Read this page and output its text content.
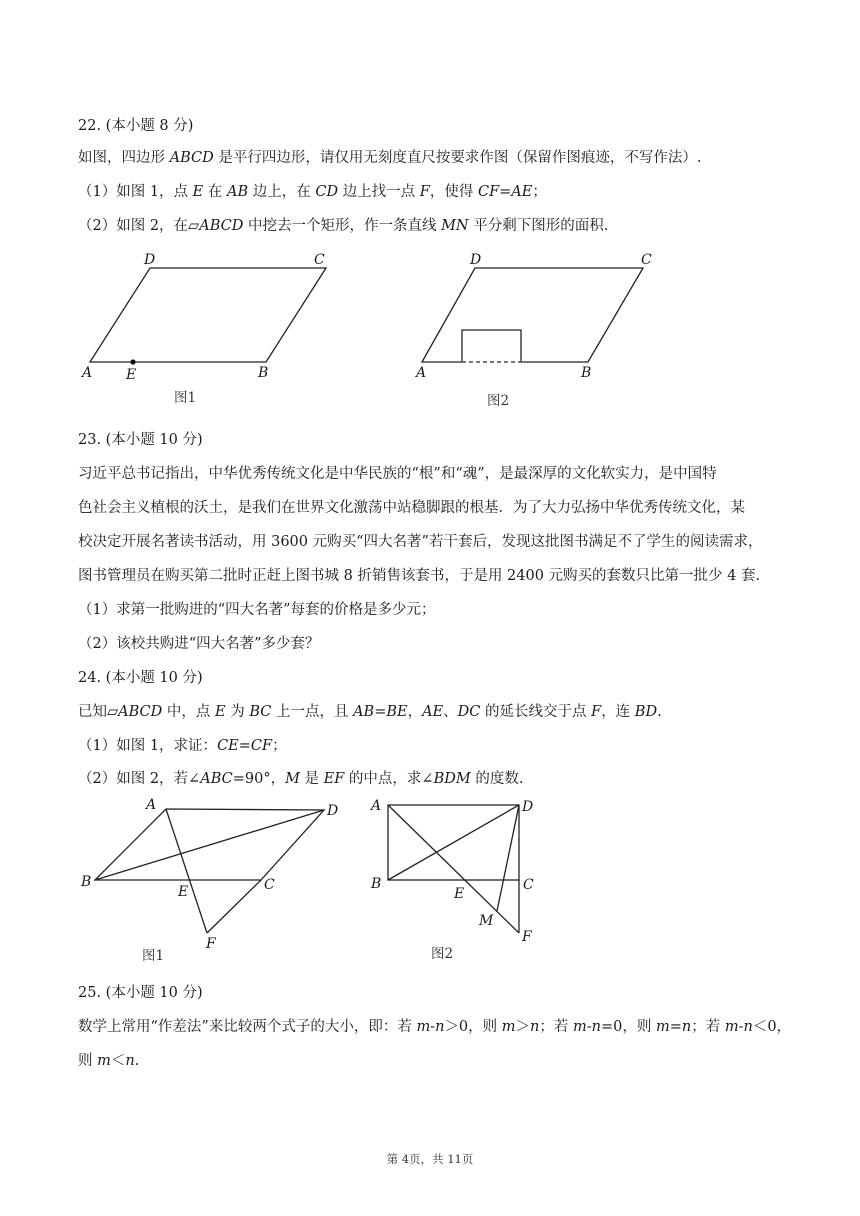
22. (本小题 8 分)
如图，四边形 ABCD 是平行四边形，请仅用无刻度直尺按要求作图（保留作图痕迹，不写作法）.
（1）如图 1，点 E 在 AB 边上，在 CD 边上找一点 F，使得 CF=AE；
（2）如图 2，在▱ABCD 中挖去一个矩形，作一条直线 MN 平分剩下图形的面积.
D	C
A E	B
图1
D	C
A	B
图2
23. (本小题 10 分)
习近平总书记指出，中华优秀传统文化是中华民族的“根”和“魂”，是最深厚的文化软实力，是中国特
色社会主义植根的沃土，是我们在世界文化激荡中站稳脚跟的根基．为了大力弘扬中华优秀传统文化，某
校决定开展名著读书活动，用 3600 元购买“四大名著”若干套后，发现这批图书满足不了学生的阅读需求，
图书管理员在购买第二批时正赶上图书城 8 折销售该套书，于是用 2400 元购买的套数只比第一批少 4 套.
（1）求第一批购进的“四大名著”每套的价格是多少元；
（2）该校共购进“四大名著”多少套？
24. (本小题 10 分)
已知▱ABCD 中，点 E 为 BC 上一点，且 AB=BE，AE、DC 的延长线交于点 F，连 BD.
（1）如图 1，求证：CE=CF；
（2）如图 2，若∠ABC=90°，M 是 EF 的中点，求∠BDM 的度数.
A	D
B
E	C
F
图1
A	D
B
E
C
M
F
图2
25. (本小题 10 分)
数学上常用“作差法”来比较两个式子的大小，即：若 m-n＞0，则 m＞n；若 m-n=0，则 m=n；若 m-n＜0，
则 m＜n.
第 4页，共 11页
